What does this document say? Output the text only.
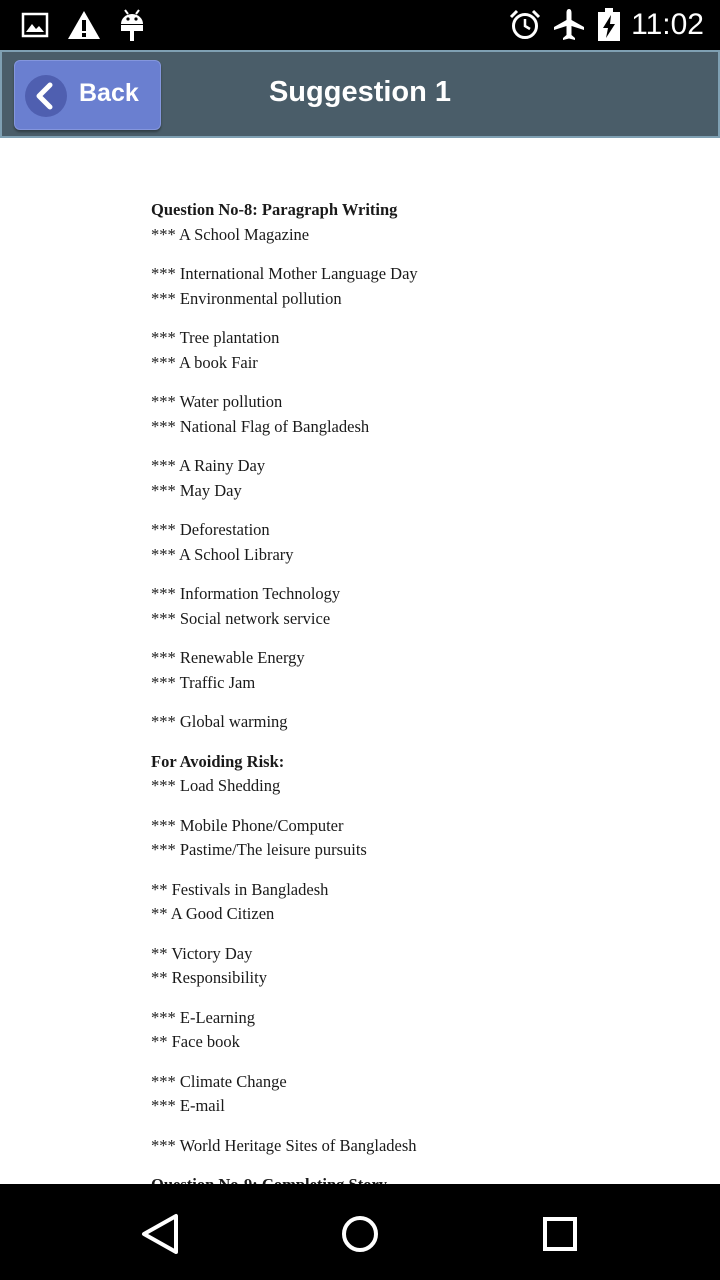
11:02
Back	Suggestion 1
Question No-8: Paragraph Writing
*** A School Magazine
*** International Mother Language Day
*** Environmental pollution
*** Tree plantation
*** A book Fair
*** Water pollution
*** National Flag of Bangladesh
*** A Rainy Day
*** May Day
*** Deforestation
*** A School Library
*** Information Technology
*** Social network service
*** Renewable Energy
*** Traffic Jam
*** Global warming
For Avoiding Risk:
*** Load Shedding
*** Mobile Phone/Computer
*** Pastime/The leisure pursuits
** Festivals in Bangladesh
** A Good Citizen
** Victory Day
** Responsibility
*** E-Learning
** Face book
*** Climate Change
*** E-mail
*** World Heritage Sites of Bangladesh
